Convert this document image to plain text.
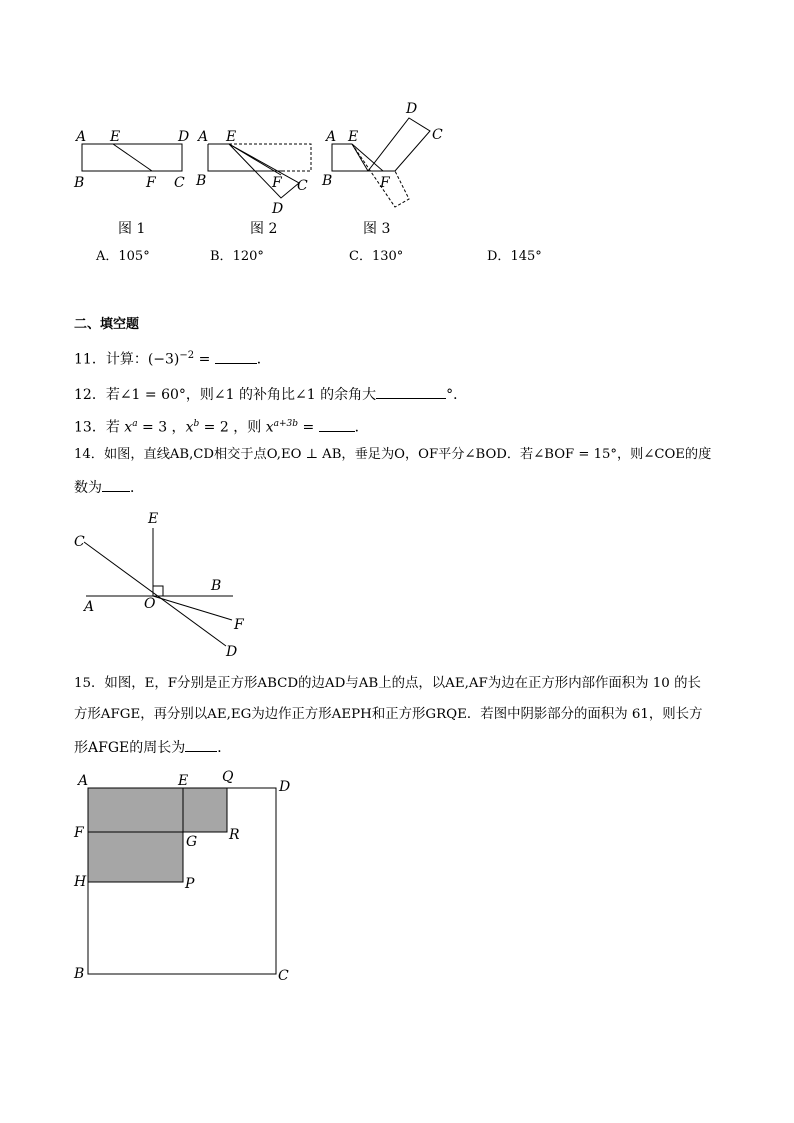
A E	D
B	F C
图 1
A E
B	F C
D
图 2
A E
B	F
D
C
图 3
A．105°	B．120°	C．130°	D．145°
二、填空题
11．计算：$(-3)^{-2}$ =	．
12．若∠1 = 60°，则∠1 的补角比∠1 的余角大	°．
13．若 $x^a = 3$ ，$x^b = 2$ ，则 $x^{a+3b}$ =	．
14．如图，直线AB,CD相交于点O,EO ⊥ AB，垂足为O，OF平分∠BOD．若∠BOF = 15°，则∠COE的度
数为 ．
E
C
B
A	O
F
D
15．如图，E，F分别是正方形ABCD的边AD与AB上的点，以AE,AF为边在正方形内部作面积为 10 的长
方形AFGE，再分别以AE,EG为边作正方形AEPH和正方形GRQE．若图中阴影部分的面积为 61，则长方
形AFGE的周长为 ．
A	E Q
D
F	R
G
H	P
B	C
